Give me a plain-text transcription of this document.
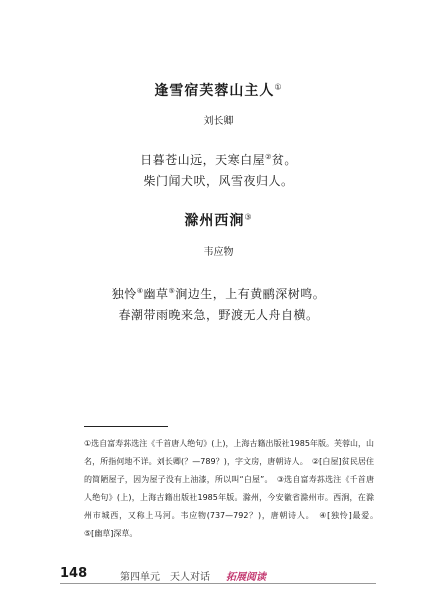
逢雪宿芙蓉山主人①
刘长卿
日暮苍山远，天寒白屋②贫。
柴门闻犬吠，风雪夜归人。
滁州西涧③
韦应物
独怜④幽草⑤涧边生，上有黄鹂深树鸣。
春潮带雨晚来急，野渡无人舟自横。
①选自富寿荪选注《千首唐人绝句》(上)，上海古籍出版社1985年版。芙蓉山，山名，所指何地不详。刘长卿(？—789？)，字文房，唐朝诗人。　②[白屋]贫民居住的简陋屋子，因为屋子没有上油漆，所以叫“白屋”。　③选自富寿荪选注《千首唐人绝句》(上)，上海古籍出版社1985年版。滁州，今安徽省滁州市。西涧，在滁州市城西，又称上马河。韦应物(737—792？)，唐朝诗人。　④[独怜]最爱。　⑤[幽草]深草。
148	第四单元　天人对话 拓展阅读
